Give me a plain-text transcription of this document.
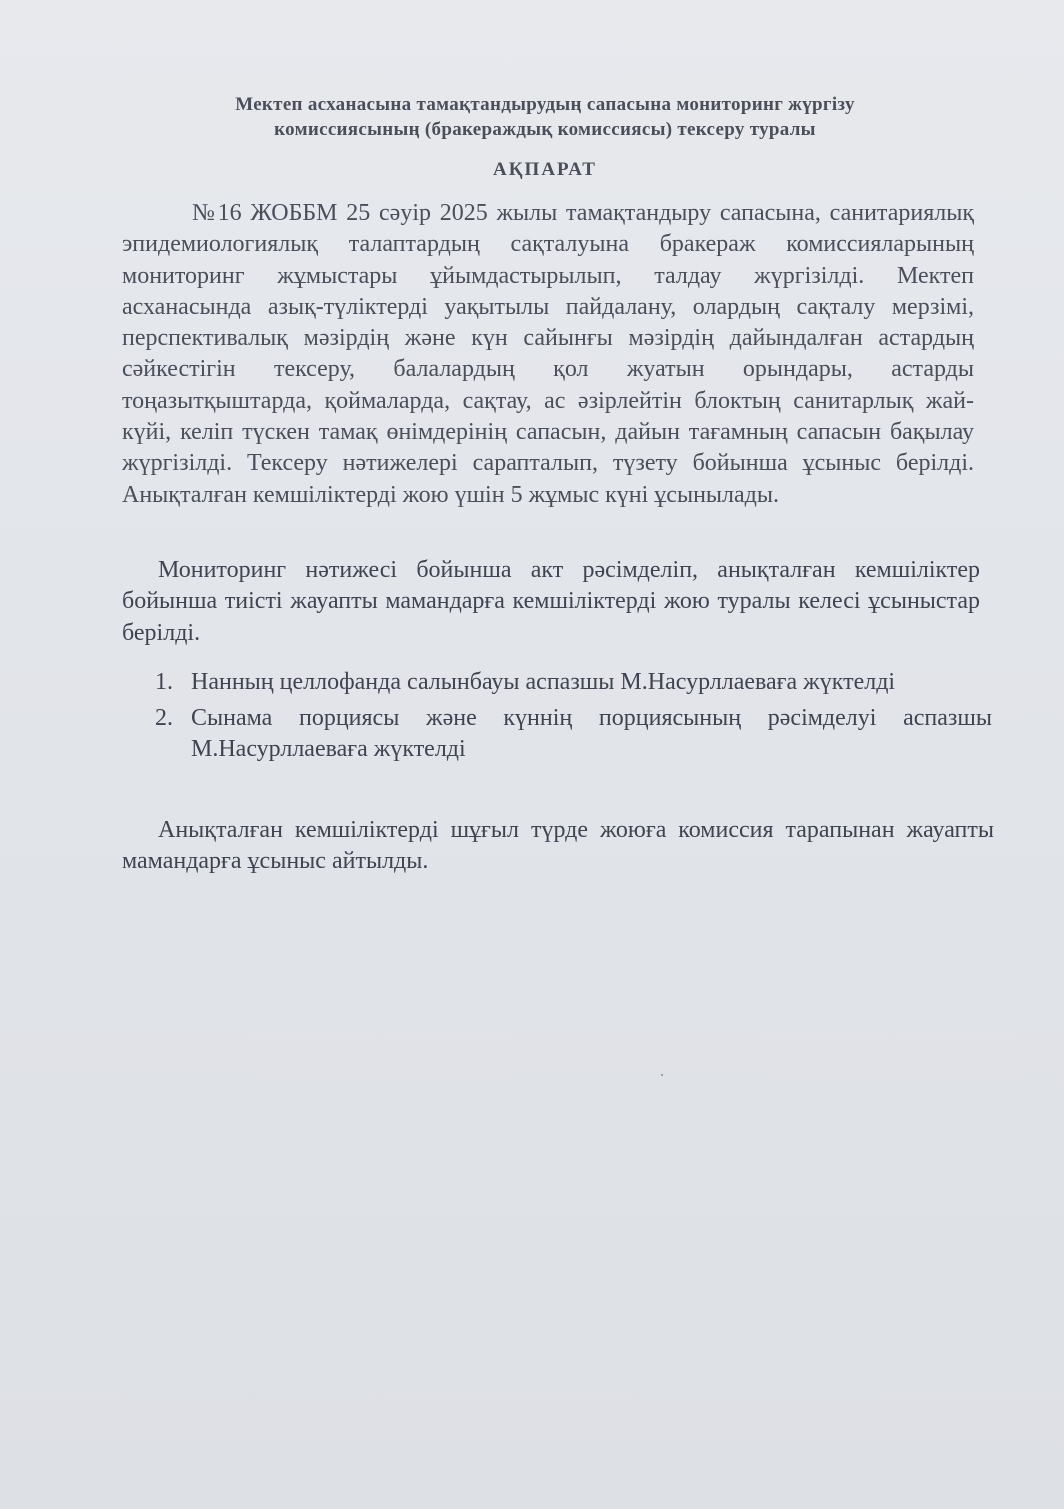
Мектеп асханасына тамақтандырудың сапасына мониторинг жүргізу
комиссиясының (бракераждық комиссиясы) тексеру туралы
АҚПАРАТ
№16 ЖОББМ 25 сәуір 2025 жылы тамақтандыру сапасына, санитариялық эпидемиологиялық талаптардың сақталуына бракераж комиссияларының мониторинг жұмыстары ұйымдастырылып, талдау жүргізілді. Мектеп асханасында азық-түліктерді уақытылы пайдалану, олардың сақталу мерзімі, перспективалық мәзірдің және күн сайынғы мәзірдің дайындалған астардың сәйкестігін тексеру, балалардың қол жуатын орындары, астарды тоңазытқыштарда, қоймаларда, сақтау, ас әзірлейтін блоктың санитарлық жай-күйі, келіп түскен тамақ өнімдерінің сапасын, дайын тағамның сапасын бақылау жүргізілді. Тексеру нәтижелері сарапталып, түзету бойынша ұсыныс берілді. Анықталған кемшіліктерді жою үшін 5 жұмыс күні ұсынылады.
Мониторинг нәтижесі бойынша акт рәсімделіп, анықталған кемшіліктер бойынша тиісті жауапты мамандарға кемшіліктерді жою туралы келесі ұсыныстар берілді.
1. Нанның целлофанда салынбауы аспазшы М.Насурллаевағa жүктелді
2. Сынама порциясы және күннің порциясының рәсімделуі аспазшы М.Насурллаевағa жүктелді
Анықталған кемшіліктерді шұғыл түрде жоюға комиссия тарапынан жауапты мамандарға ұсыныс айтылды.
